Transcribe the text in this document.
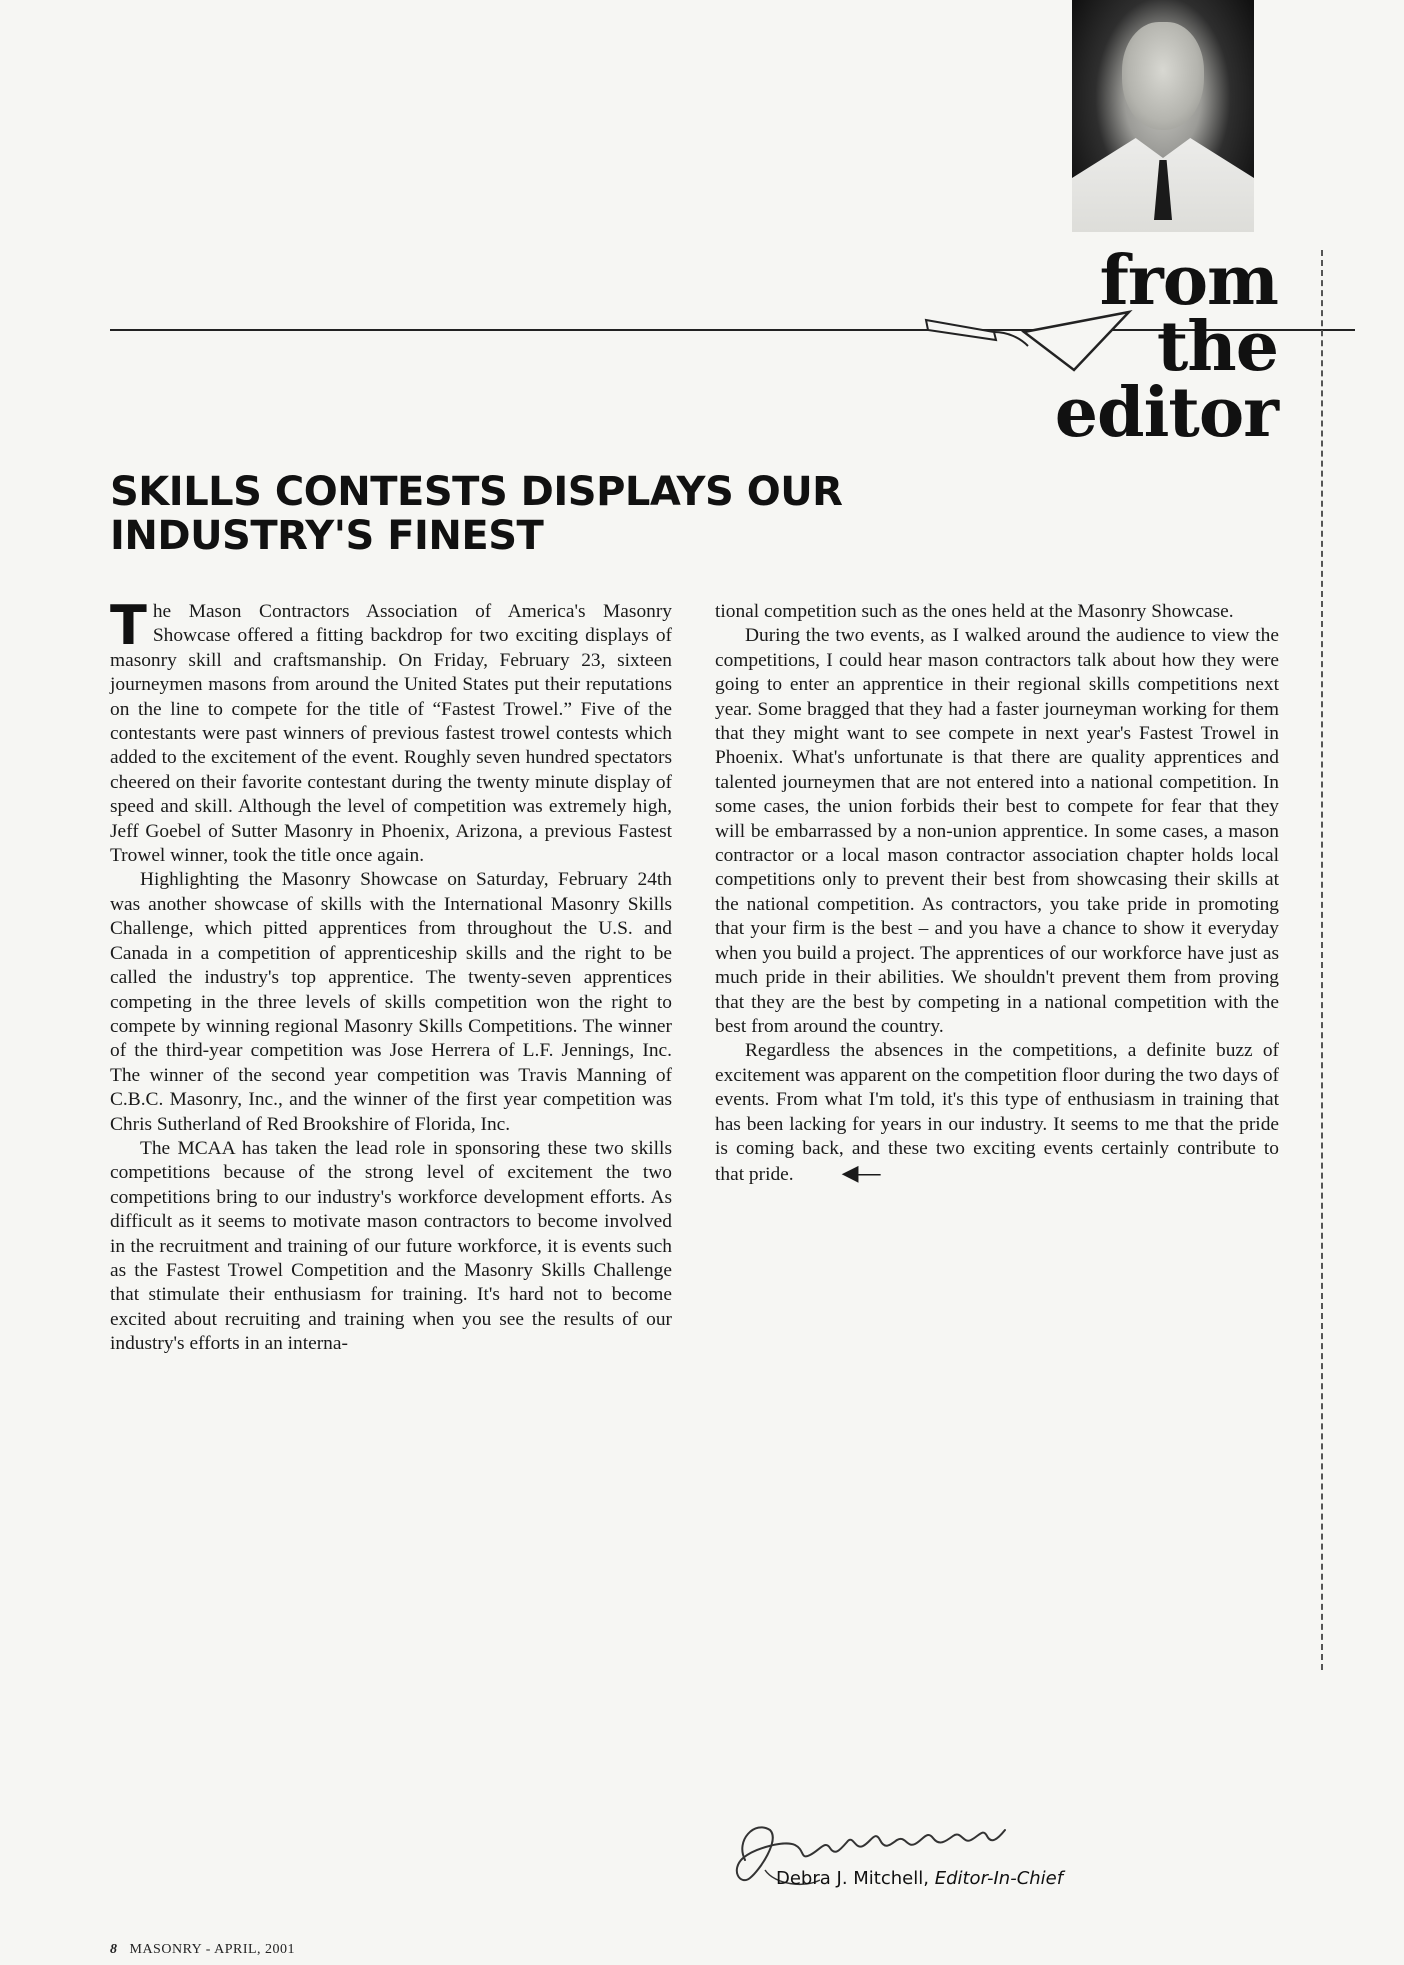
from the
editor
SKILLS CONTESTS DISPLAYS OUR INDUSTRY'S FINEST

The Mason Contractors Association of America's Masonry Showcase offered a fitting backdrop for two exciting displays of masonry skill and craftsmanship. On Friday, February 23, sixteen journeymen masons from around the United States put their reputations on the line to compete for the title of “Fastest Trowel.” Five of the contestants were past winners of previous fastest trowel contests which added to the excitement of the event. Roughly seven hundred spectators cheered on their favorite contestant during the twenty minute display of speed and skill. Although the level of competition was extremely high, Jeff Goebel of Sutter Masonry in Phoenix, Arizona, a previous Fastest Trowel winner, took the title once again.

Highlighting the Masonry Showcase on Saturday, February 24th was another showcase of skills with the International Masonry Skills Challenge, which pitted apprentices from throughout the U.S. and Canada in a competition of apprenticeship skills and the right to be called the industry's top apprentice. The twenty-seven apprentices competing in the three levels of skills competition won the right to compete by winning regional Masonry Skills Competitions. The winner of the third-year competition was Jose Herrera of L.F. Jennings, Inc. The winner of the second year competition was Travis Manning of C.B.C. Masonry, Inc., and the winner of the first year competition was Chris Sutherland of Red Brookshire of Florida, Inc.

The MCAA has taken the lead role in sponsoring these two skills competitions because of the strong level of excitement the two competitions bring to our industry's workforce development efforts. As difficult as it seems to motivate mason contractors to become involved in the recruitment and training of our future workforce, it is events such as the Fastest Trowel Competition and the Masonry Skills Challenge that stimulate their enthusiasm for training. It's hard not to become excited about recruiting and training when you see the results of our industry's efforts in an interna-

tional competition such as the ones held at the Masonry Showcase.

During the two events, as I walked around the audience to view the competitions, I could hear mason contractors talk about how they were going to enter an apprentice in their regional skills competitions next year. Some bragged that they had a faster journeyman working for them that they might want to see compete in next year's Fastest Trowel in Phoenix. What's unfortunate is that there are quality apprentices and talented journeymen that are not entered into a national competition. In some cases, the union forbids their best to compete for fear that they will be embarrassed by a non-union apprentice. In some cases, a mason contractor or a local mason contractor association chapter holds local competitions only to prevent their best from showcasing their skills at the national competition. As contractors, you take pride in promoting that your firm is the best – and you have a chance to show it everyday when you build a project. The apprentices of our workforce have just as much pride in their abilities. We shouldn't prevent them from proving that they are the best by competing in a national competition with the best from around the country.

Regardless the absences in the competitions, a definite buzz of excitement was apparent on the competition floor during the two days of events. From what I'm told, it's this type of enthusiasm in training that has been lacking for years in our industry. It seems to me that the pride is coming back, and these two exciting events certainly contribute to that pride. ◀—

Debra J. Mitchell, Editor-In-Chief
8 MASONRY - APRIL, 2001
